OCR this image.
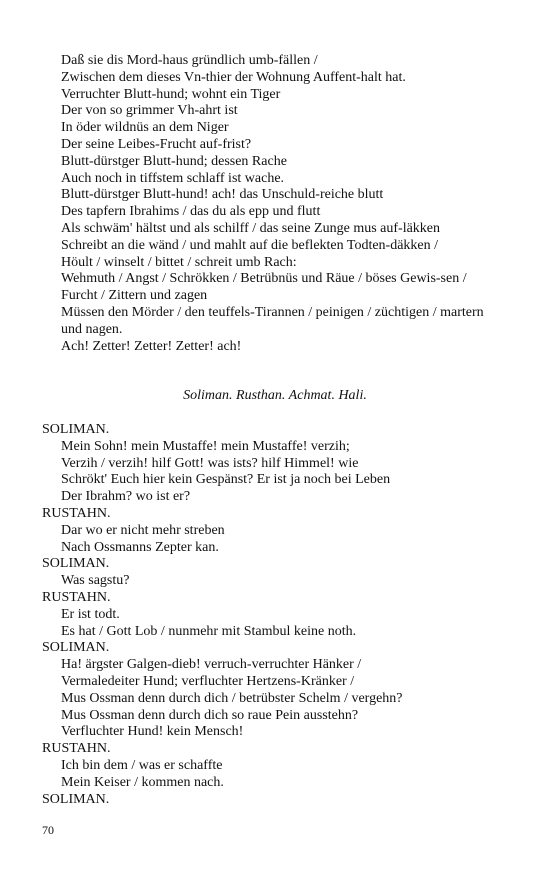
Daß sie dis Mord-haus gründlich umb-fällen /
Zwischen dem dieses Vn-thier der Wohnung Auffent-halt hat.
Verruchter Blutt-hund; wohnt ein Tiger
Der von so grimmer Vh-ahrt ist
In öder wildnüs an dem Niger
Der seine Leibes-Frucht auf-frist?
Blutt-dürstger Blutt-hund; dessen Rache
Auch noch in tiffstem schlaff ist wache.
Blutt-dürstger Blutt-hund! ach! das Unschuld-reiche blutt
Des tapfern Ibrahims / das du als epp und flutt
Als schwäm' hältst und als schilff / das seine Zunge mus auf-läkken
Schreibt an die wänd / und mahlt auf die beflekten Todten-däkken /
Höult / winselt / bittet / schreit umb Rach:
Wehmuth / Angst / Schrökken / Betrübnüs und Räue / böses Gewis-sen / Furcht / Zittern und zagen
Müssen den Mörder / den teuffels-Tirannen / peinigen / züchtigen / martern und nagen.
Ach! Zetter! Zetter! Zetter! ach!
Soliman. Rusthan. Achmat. Hali.
SOLIMAN.
Mein Sohn! mein Mustaffe! mein Mustaffe! verzih;
Verzih / verzih! hilf Gott! was ists? hilf Himmel! wie
Schrökt' Euch hier kein Gespänst? Er ist ja noch bei Leben
Der Ibrahm? wo ist er?
RUSTAHN.
Dar wo er nicht mehr streben
Nach Ossmanns Zepter kan.
SOLIMAN.
Was sagstu?
RUSTAHN.
Er ist todt.
Es hat / Gott Lob / nunmehr mit Stambul keine noth.
SOLIMAN.
Ha! ärgster Galgen-dieb! verruch-verruchter Hänker /
Vermaledeiter Hund; verfluchter Hertzens-Kränker /
Mus Ossman denn durch dich / betrübster Schelm / vergehn?
Mus Ossman denn durch dich so raue Pein ausstehn?
Verfluchter Hund! kein Mensch!
RUSTAHN.
Ich bin dem / was er schaffte
Mein Keiser / kommen nach.
SOLIMAN.
70
